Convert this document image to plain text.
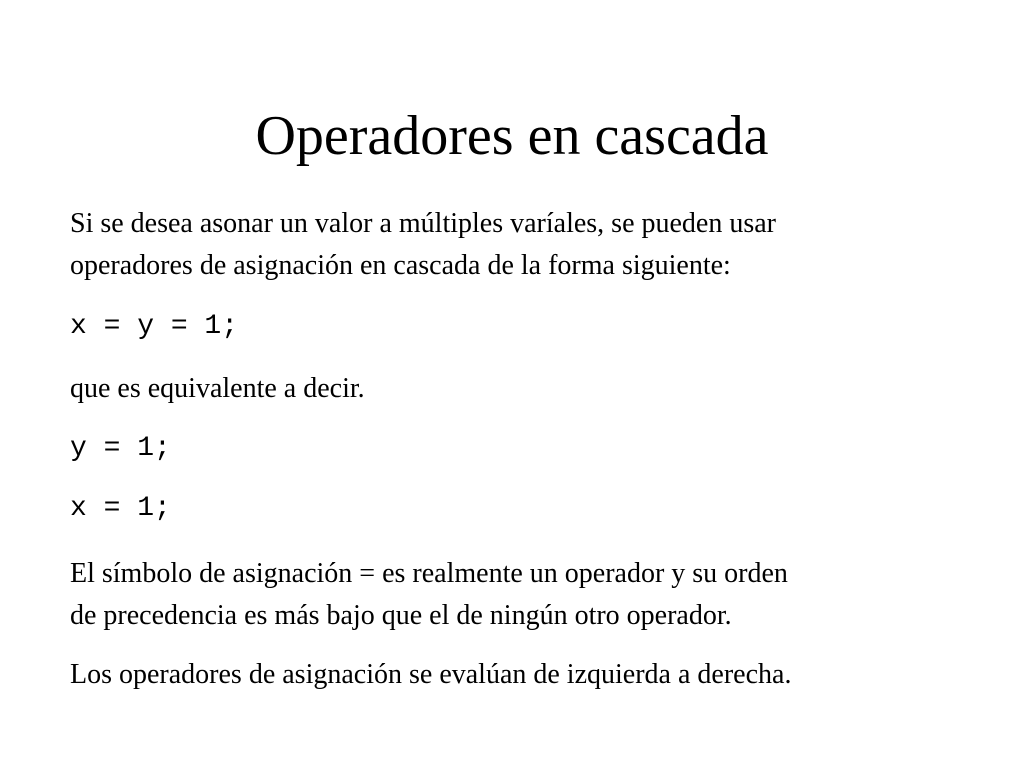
Operadores en cascada

Si se desea asonar un valor a múltiples varíales, se pueden usar
operadores de asignación en cascada de la forma siguiente:

x = y = 1;

que es equivalente a decir.

y = 1;

x = 1;

El símbolo de asignación = es realmente un operador y su orden
de precedencia es más bajo que el de ningún otro operador.

Los operadores de asignación se evalúan de izquierda a derecha.
